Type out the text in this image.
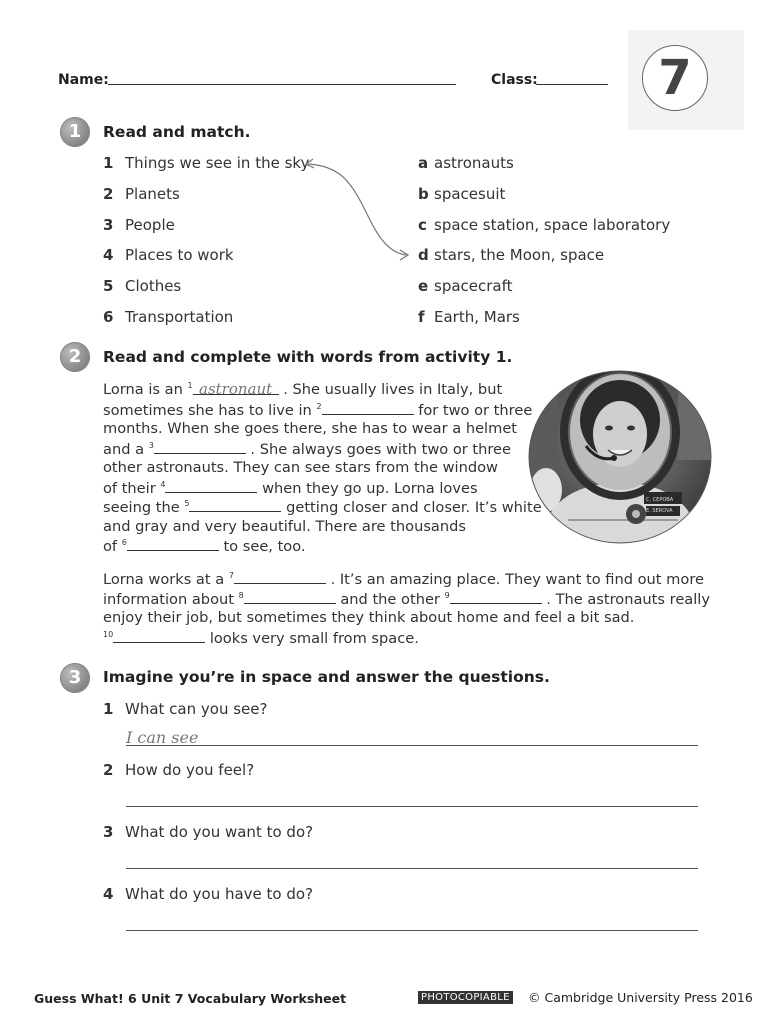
Name:	Class:	7
1	Read and match.
1 Things we see in the sky
2 Planets
3 People
4 Places to work
5 Clothes
6 Transportation
a astronauts
b spacesuit
c space station, space laboratory
d stars, the Moon, space
e spacecraft
f Earth, Mars
2	Read and complete with words from activity 1.
Lorna is an $^1$ astronaut . She usually lives in Italy, but
sometimes she has to live in $^2$	for two or three
months. When she goes there, she has to wear a helmet
and a $^3$	. She always goes with two or three
other astronauts. They can see stars from the window
of their $^4$	when they go up. Lorna loves
seeing the $^5$	getting closer and closer. It’s white
and gray and very beautiful. There are thousands
of $^6$	to see, too.
Lorna works at a $^7$	. It’s an amazing place. They want to find out more
information about $^8$	and the other $^9$	. The astronauts really
enjoy their job, but sometimes they think about home and feel a bit sad.
$^{10}$	looks very small from space.
С. СЕРОВА
E. SEROVA
3	Imagine you’re in space and answer the questions.
1 What can you see?
I can see
2 How do you feel?
3 What do you want to do?
4 What do you have to do?
Guess What! 6 Unit 7 Vocabulary Worksheet	PHOTOCOPIABLE © Cambridge University Press 2016
